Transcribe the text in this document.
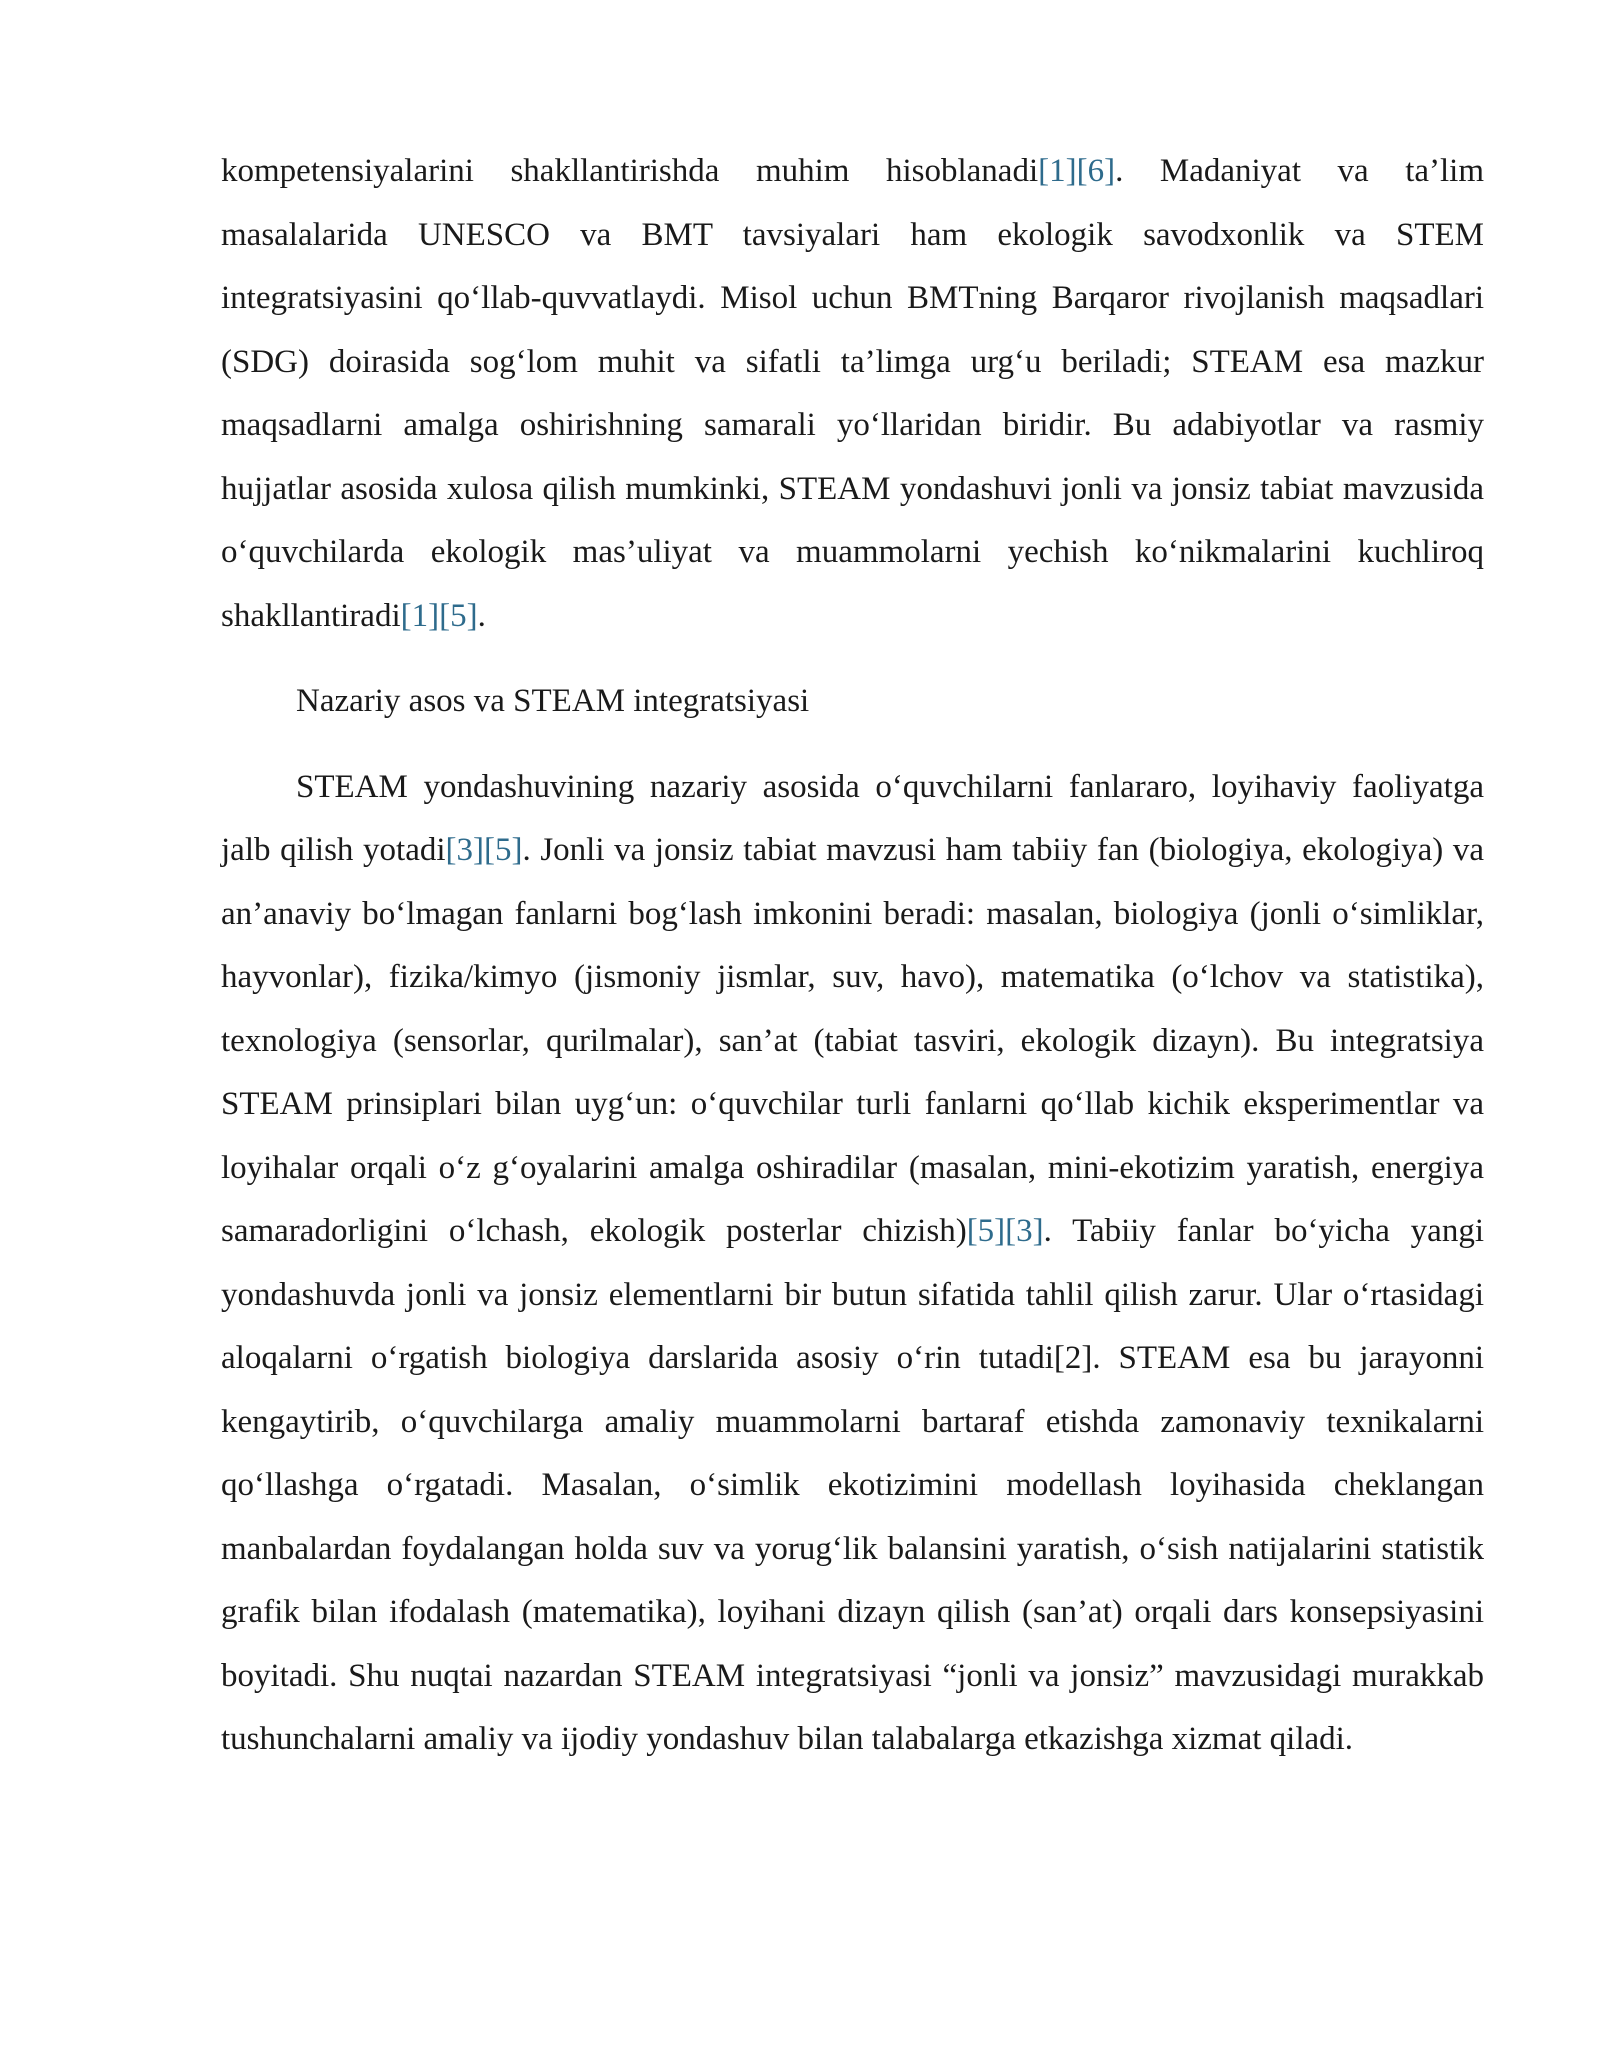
kompetensiyalarini shakllantirishda muhim hisoblanadi[1][6]. Madaniyat va ta’lim masalalarida UNESCO va BMT tavsiyalari ham ekologik savodxonlik va STEM integratsiyasini qo‘llab-quvvatlaydi. Misol uchun BMTning Barqaror rivojlanish maqsadlari (SDG) doirasida sog‘lom muhit va sifatli ta’limga urg‘u beriladi; STEAM esa mazkur maqsadlarni amalga oshirishning samarali yo‘llaridan biridir. Bu adabiyotlar va rasmiy hujjatlar asosida xulosa qilish mumkinki, STEAM yondashuvi jonli va jonsiz tabiat mavzusida o‘quvchilarda ekologik mas’uliyat va muammolarni yechish ko‘nikmalarini kuchliroq shakllantiradi[1][5].

Nazariy asos va STEAM integratsiyasi

STEAM yondashuvining nazariy asosida o‘quvchilarni fanlararo, loyihaviy faoliyatga jalb qilish yotadi[3][5]. Jonli va jonsiz tabiat mavzusi ham tabiiy fan (biologiya, ekologiya) va an’anaviy bo‘lmagan fanlarni bog‘lash imkonini beradi: masalan, biologiya (jonli o‘simliklar, hayvonlar), fizika/kimyo (jismoniy jismlar, suv, havo), matematika (o‘lchov va statistika), texnologiya (sensorlar, qurilmalar), san’at (tabiat tasviri, ekologik dizayn). Bu integratsiya STEAM prinsiplari bilan uyg‘un: o‘quvchilar turli fanlarni qo‘llab kichik eksperimentlar va loyihalar orqali o‘z g‘oyalarini amalga oshiradilar (masalan, mini-ekotizim yaratish, energiya samaradorligini o‘lchash, ekologik posterlar chizish)[5][3]. Tabiiy fanlar bo‘yicha yangi yondashuvda jonli va jonsiz elementlarni bir butun sifatida tahlil qilish zarur. Ular o‘rtasidagi aloqalarni o‘rgatish biologiya darslarida asosiy o‘rin tutadi[2]. STEAM esa bu jarayonni kengaytirib, o‘quvchilarga amaliy muammolarni bartaraf etishda zamonaviy texnikalarni qo‘llashga o‘rgatadi. Masalan, o‘simlik ekotizimini modellash loyihasida cheklangan manbalardan foydalangan holda suv va yorug‘lik balansini yaratish, o‘sish natijalarini statistik grafik bilan ifodalash (matematika), loyihani dizayn qilish (san’at) orqali dars konsepsiyasini boyitadi. Shu nuqtai nazardan STEAM integratsiyasi “jonli va jonsiz” mavzusidagi murakkab tushunchalarni amaliy va ijodiy yondashuv bilan talabalarga etkazishga xizmat qiladi.
